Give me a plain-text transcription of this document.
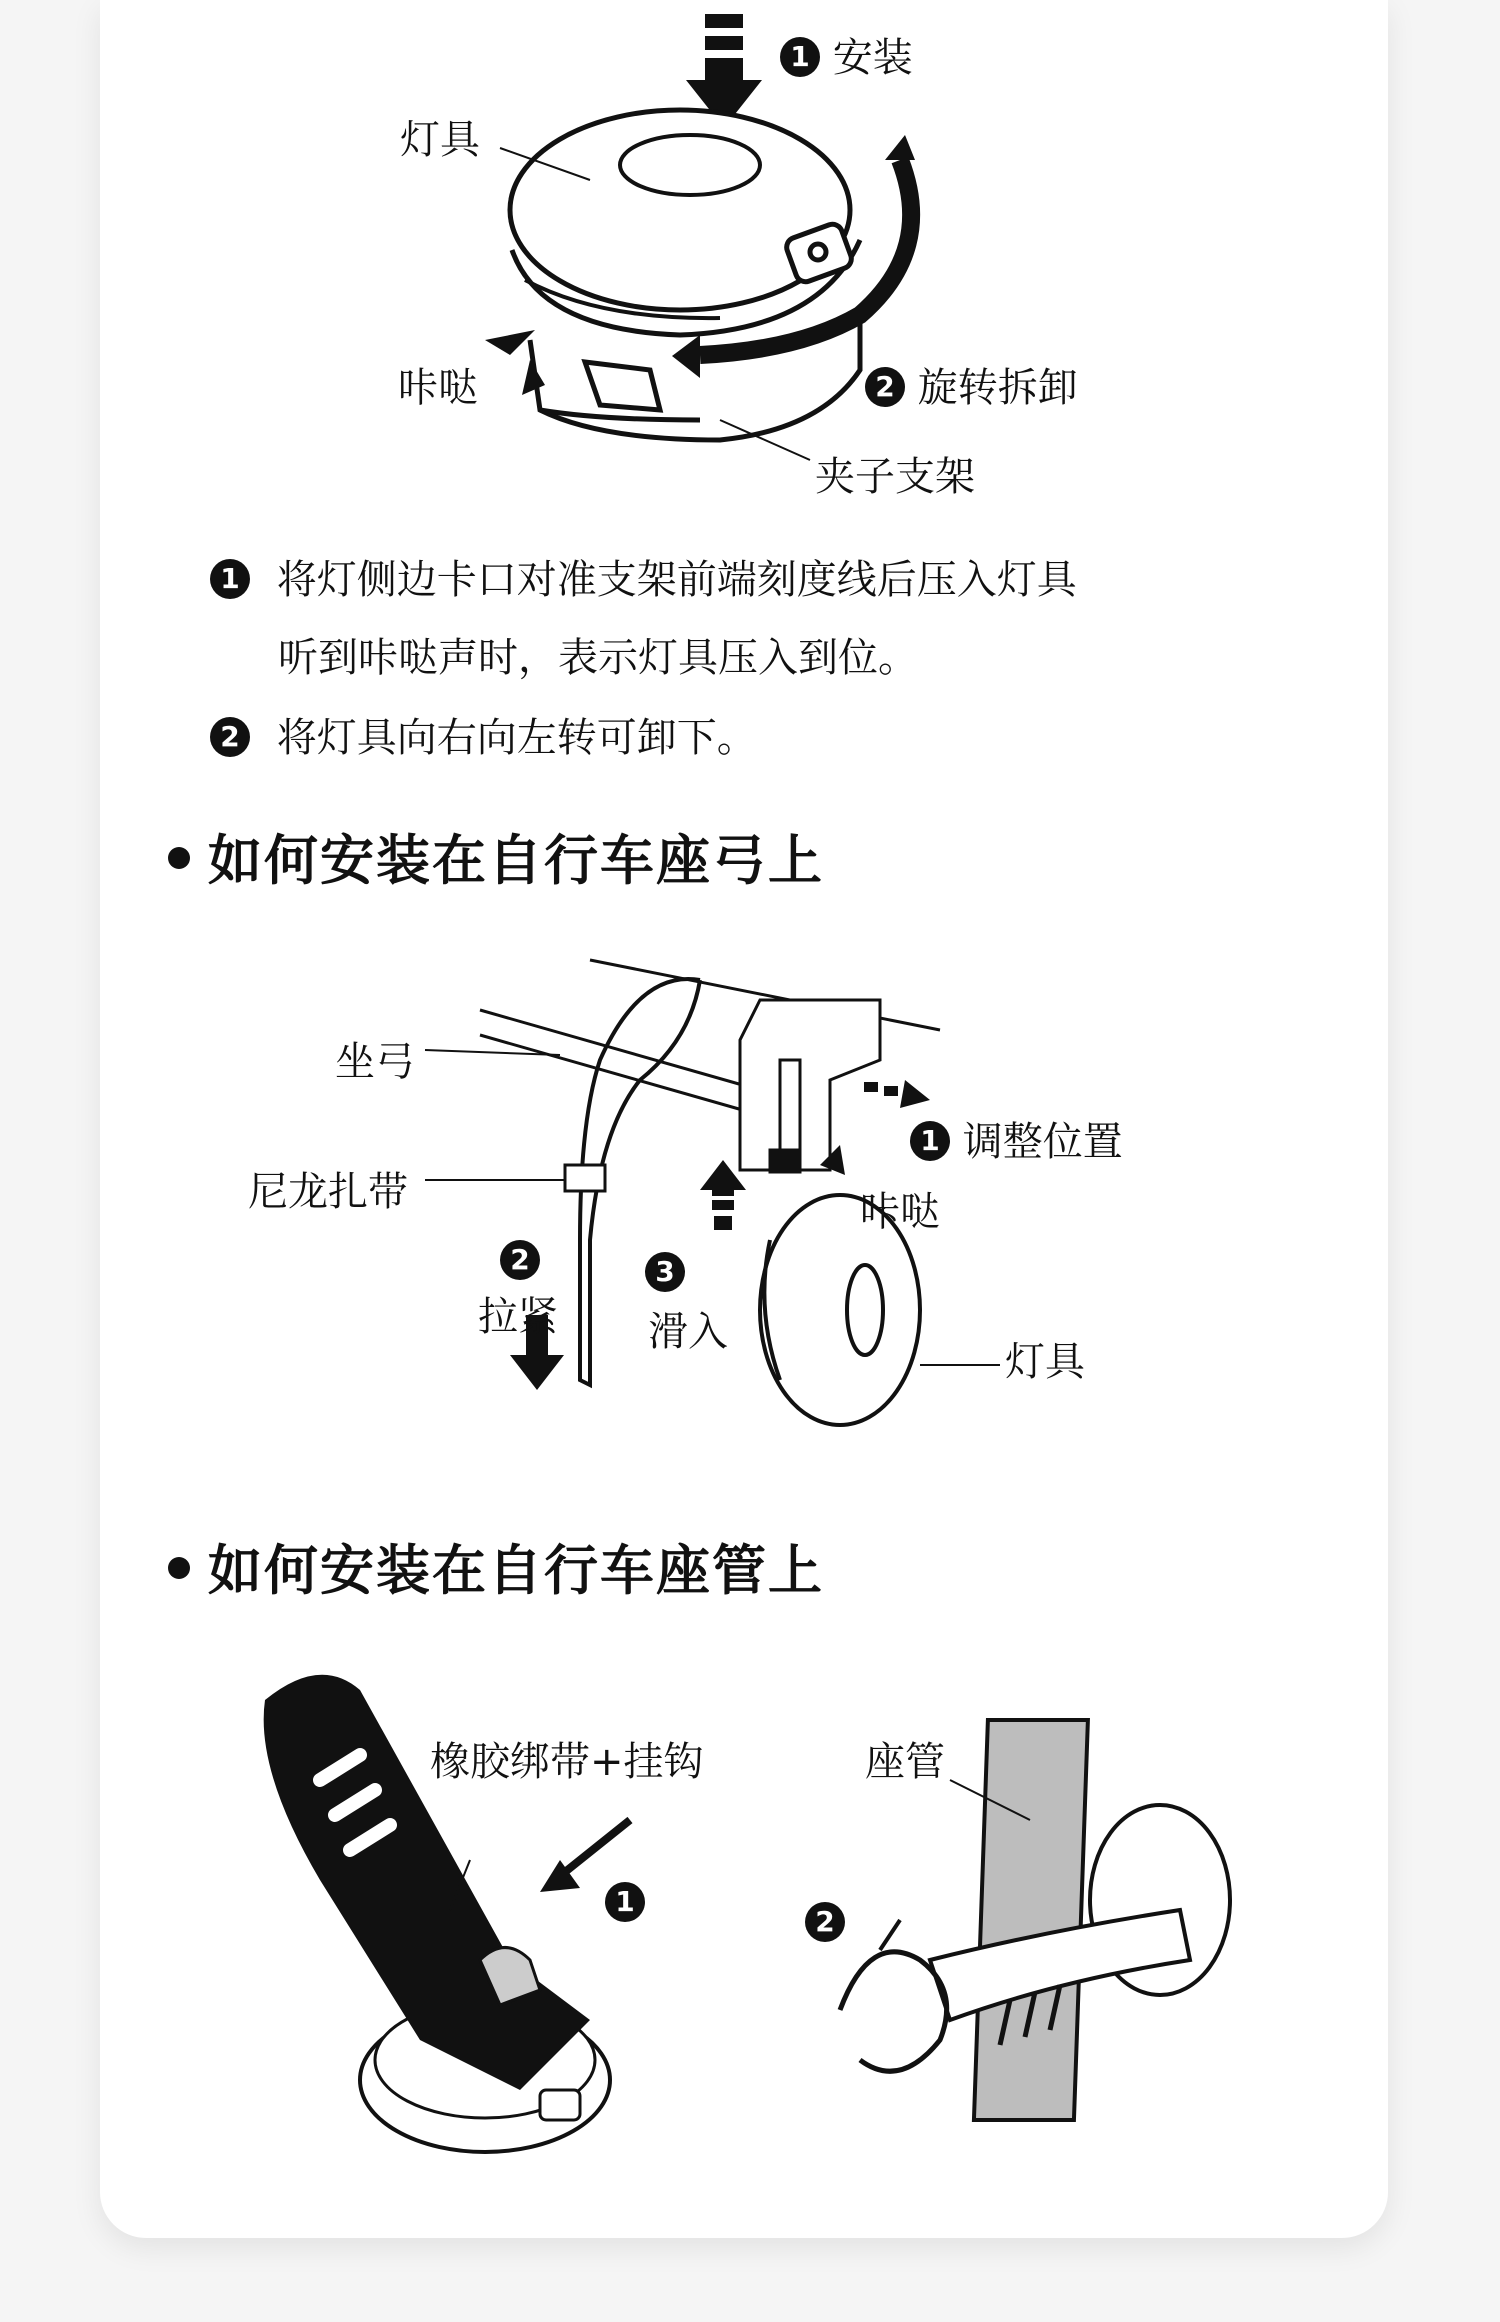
1 安装
灯具
咔哒	2 旋转拆卸
夹子支架
1 将灯侧边卡口对准支架前端刻度线后压入灯具
听到咔哒声时，表示灯具压入到位。
2 将灯具向右向左转可卸下。
如何安装在自行车座弓上
坐弓
尼龙扎带
1 调整位置
咔哒
2
拉紧
3
滑入
灯具
如何安装在自行车座管上
橡胶绑带+挂钩
1
座管
2
